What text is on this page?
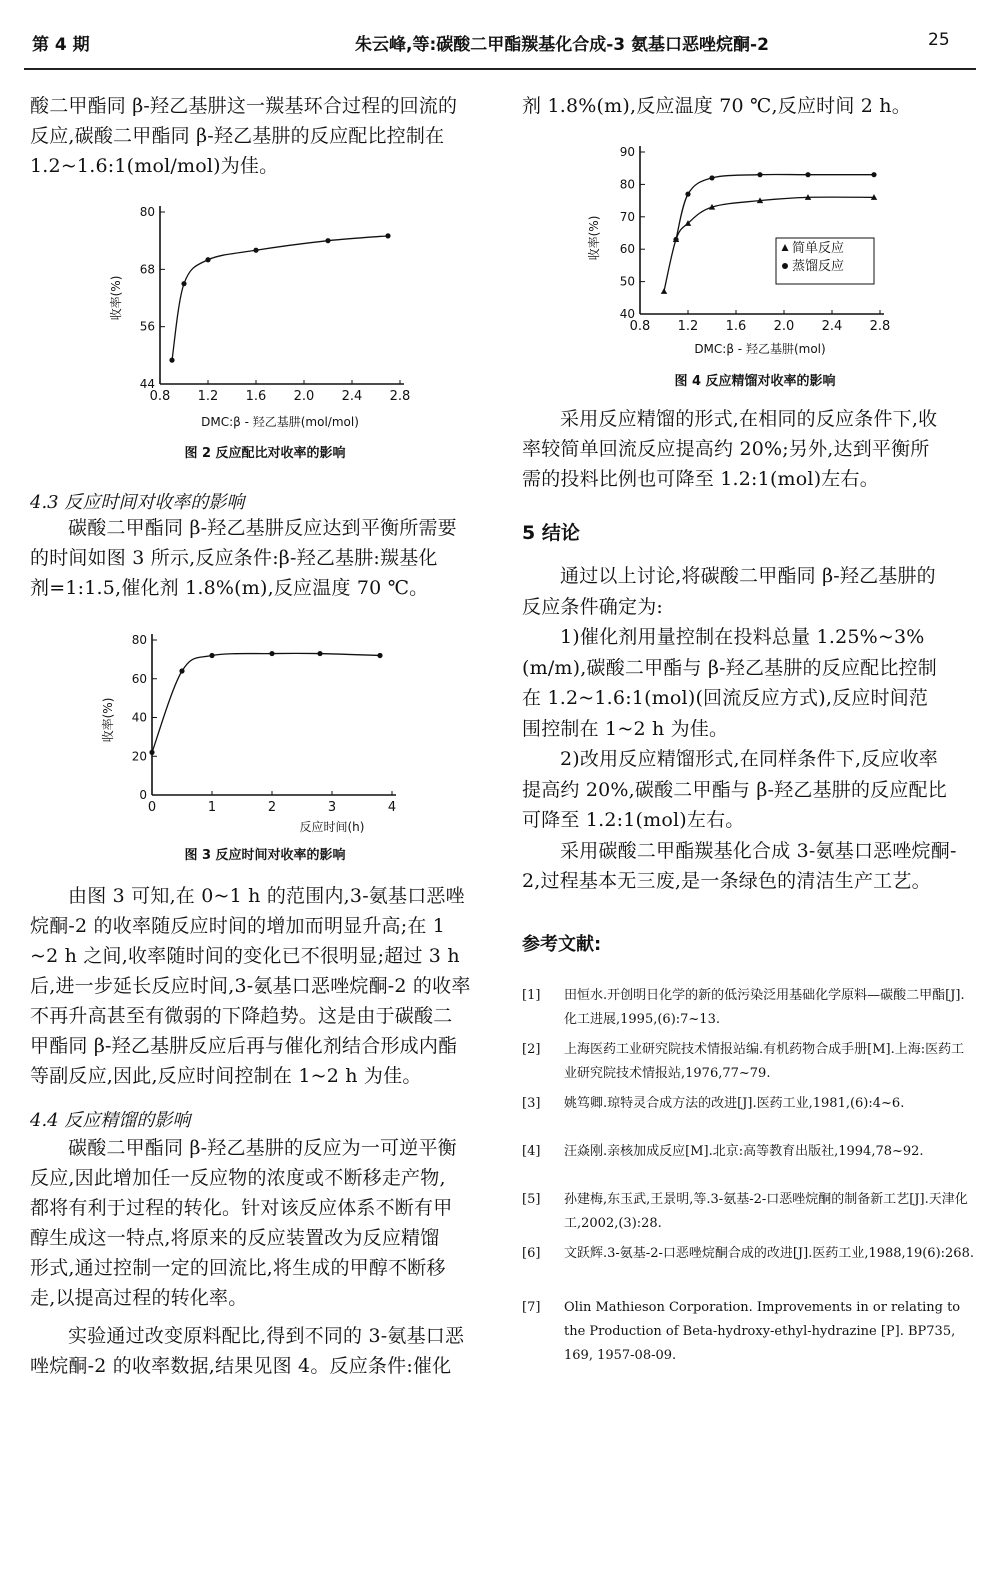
第 4 期	朱云峰,等:碳酸二甲酯羰基化合成-3 氨基口恶唑烷酮-2	25
酸二甲酯同 β-羟乙基肼这一羰基环合过程的回流的
反应,碳酸二甲酯同 β-羟乙基肼的反应配比控制在
1.2~1.6:1(mol/mol)为佳。
0.8 1.2 1.6 2.0 2.4 2.8
44
56
68
80
DMC:β - 羟乙基肼(mol/mol)
收率(%)
图 2 反应配比对收率的影响
4.3 反应时间对收率的影响
碳酸二甲酯同 β-羟乙基肼反应达到平衡所需要
的时间如图 3 所示,反应条件:β-羟乙基肼:羰基化
剂=1:1.5,催化剂 1.8%(m),反应温度 70 ℃。
0	1	2	3	4
0
20
40
60
80
反应时间(h)
收率(%)
图 3 反应时间对收率的影响
由图 3 可知,在 0~1 h 的范围内,3-氨基口恶唑
烷酮-2 的收率随反应时间的增加而明显升高;在 1
~2 h 之间,收率随时间的变化已不很明显;超过 3 h
后,进一步延长反应时间,3-氨基口恶唑烷酮-2 的收率
不再升高甚至有微弱的下降趋势。这是由于碳酸二
甲酯同 β-羟乙基肼反应后再与催化剂结合形成内酯
等副反应,因此,反应时间控制在 1~2 h 为佳。
4.4 反应精馏的影响
碳酸二甲酯同 β-羟乙基肼的反应为一可逆平衡
反应,因此增加任一反应物的浓度或不断移走产物,
都将有利于过程的转化。针对该反应体系不断有甲
醇生成这一特点,将原来的反应装置改为反应精馏
形式,通过控制一定的回流比,将生成的甲醇不断移
走,以提高过程的转化率。
实验通过改变原料配比,得到不同的 3-氨基口恶
唑烷酮-2 的收率数据,结果见图 4。反应条件:催化
剂 1.8%(m),反应温度 70 ℃,反应时间 2 h。
0.8 1.2 1.6 2.0 2.4 2.8
40
50
60
70
80
90
DMC:β - 羟乙基肼(mol)
收率(%)	简单反应
蒸馏反应
图 4 反应精馏对收率的影响
采用反应精馏的形式,在相同的反应条件下,收
率较简单回流反应提高约 20%;另外,达到平衡所
需的投料比例也可降至 1.2:1(mol)左右。
5 结论
通过以上讨论,将碳酸二甲酯同 β-羟乙基肼的
反应条件确定为:
1)催化剂用量控制在投料总量 1.25%~3%
(m/m),碳酸二甲酯与 β-羟乙基肼的反应配比控制
在 1.2~1.6:1(mol)(回流反应方式),反应时间范
围控制在 1~2 h 为佳。
2)改用反应精馏形式,在同样条件下,反应收率
提高约 20%,碳酸二甲酯与 β-羟乙基肼的反应配比
可降至 1.2:1(mol)左右。
采用碳酸二甲酯羰基化合成 3-氨基口恶唑烷酮-
2,过程基本无三废,是一条绿色的清洁生产工艺。
参考文献:
[1] 田恒水.开创明日化学的新的低污染泛用基础化学原料—碳酸二甲酯[J].化工进展,1995,(6):7~13.
[2] 上海医药工业研究院技术情报站编.有机药物合成手册[M].上海:医药工业研究院技术情报站,1976,77~79.
[3] 姚笃卿.琼特灵合成方法的改进[J].医药工业,1981,(6):4~6.
[4] 汪焱刚.亲核加成反应[M].北京:高等教育出版社,1994,78~92.
[5] 孙建梅,东玉武,王景明,等.3-氨基-2-口恶唑烷酮的制备新工艺[J].天津化工,2002,(3):28.
[6] 文跃辉.3-氨基-2-口恶唑烷酮合成的改进[J].医药工业,1988,19(6):268.
[7] Olin Mathieson Corporation. Improvements in or relating to the Production of Beta-hydroxy-ethyl-hydrazine [P]. BP735, 169, 1957-08-09.
